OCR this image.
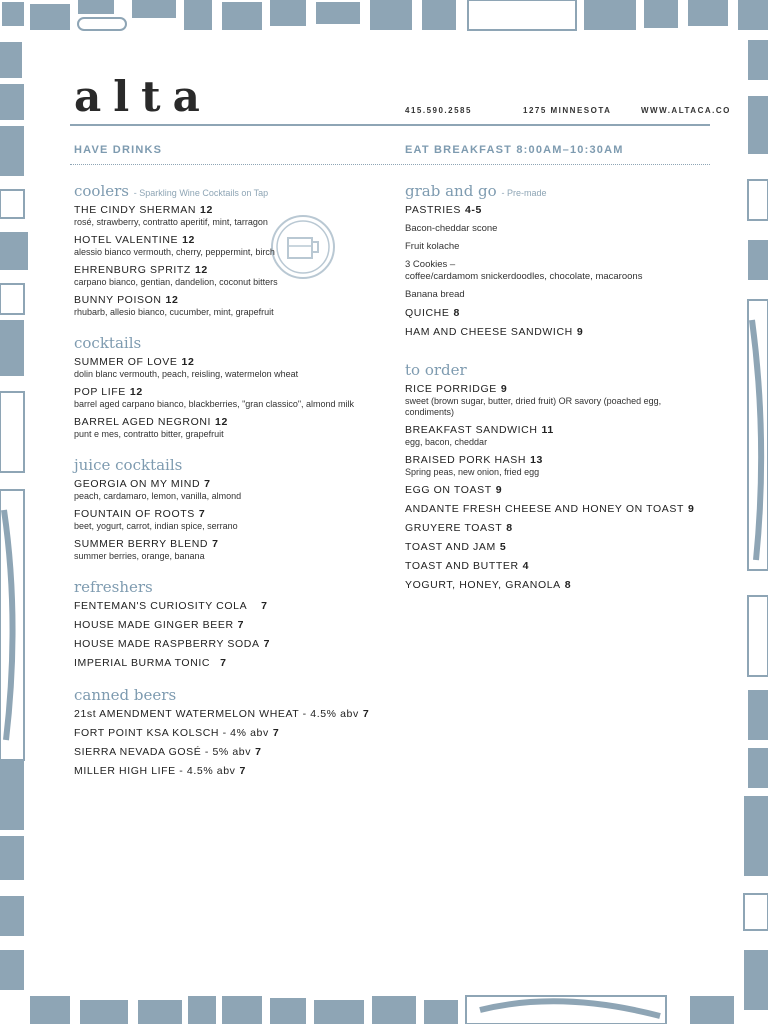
alta	415.590.2585	1275 MINNESOTA	WWW.ALTACA.CO
HAVE DRINKS	EAT BREAKFAST 8:00AM–10:30AM
coolers - Sparkling Wine Cocktails on Tap
THE CINDY SHERMAN 12
rosé, strawberry, contratto aperitif, mint, tarragon
HOTEL VALENTINE 12
alessio bianco vermouth, cherry, peppermint, birch
EHRENBURG SPRITZ 12
carpano bianco, gentian, dandelion, coconut bitters
BUNNY POISON 12
rhubarb, allesio bianco, cucumber, mint, grapefruit
cocktails
SUMMER OF LOVE 12
dolin blanc vermouth, peach, reisling, watermelon wheat
POP LIFE 12
barrel aged carpano bianco, blackberries, "gran classico", almond milk
BARREL AGED NEGRONI 12
punt e mes, contratto bitter, grapefruit
juice cocktails
GEORGIA ON MY MIND 7
peach, cardamaro, lemon, vanilla, almond
FOUNTAIN OF ROOTS 7
beet, yogurt, carrot, indian spice, serrano
SUMMER BERRY BLEND 7
summer berries, orange, banana
refreshers
FENTEMAN'S CURIOSITY COLA 7
HOUSE MADE GINGER BEER 7
HOUSE MADE RASPBERRY SODA 7
IMPERIAL BURMA TONIC 7
canned beers
21st AMENDMENT WATERMELON WHEAT - 4.5% abv 7
FORT POINT KSA KOLSCH - 4% abv 7
SIERRA NEVADA GOSÉ - 5% abv 7
MILLER HIGH LIFE - 4.5% abv 7
grab and go - Pre-made
PASTRIES 4-5
Bacon-cheddar scone
Fruit kolache
3 Cookies –
coffee/cardamom snickerdoodles, chocolate, macaroons
Banana bread
QUICHE 8
HAM AND CHEESE SANDWICH 9
to order
RICE PORRIDGE 9
sweet (brown sugar, butter, dried fruit) OR savory (poached egg, condiments)
BREAKFAST SANDWICH 11
egg, bacon, cheddar
BRAISED PORK HASH 13
Spring peas, new onion, fried egg
EGG ON TOAST 9
ANDANTE FRESH CHEESE AND HONEY ON TOAST 9
GRUYERE TOAST 8
TOAST AND JAM 5
TOAST AND BUTTER 4
YOGURT, HONEY, GRANOLA 8
